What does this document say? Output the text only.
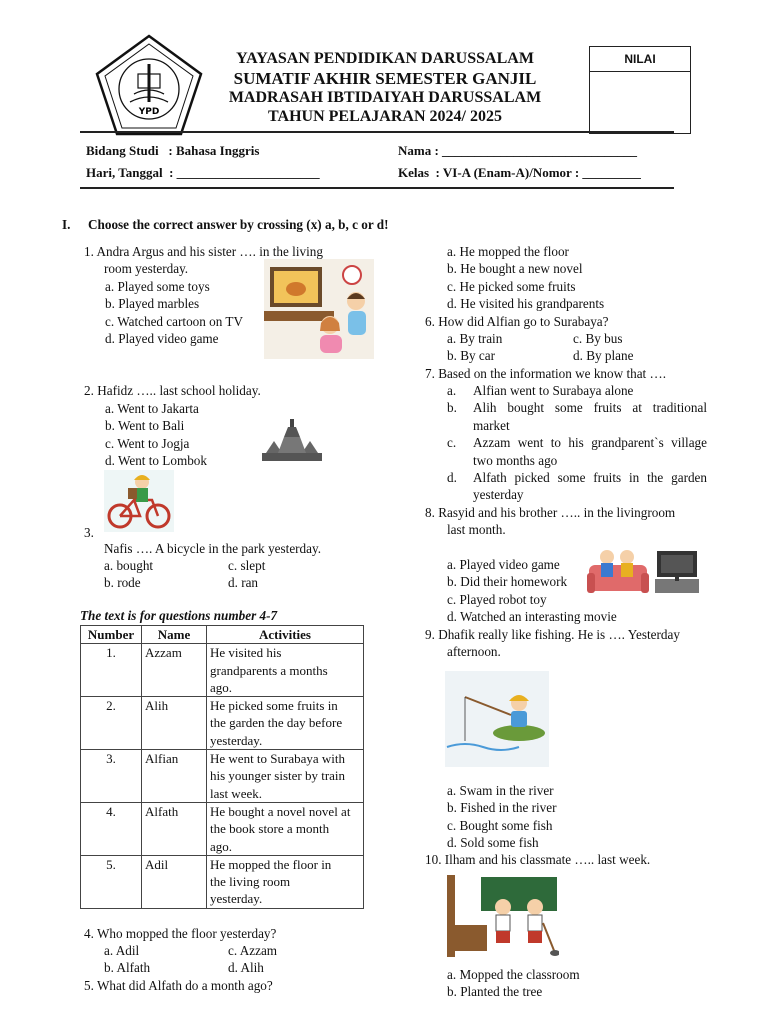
YPD
YAYASAN PENDIDIKAN DARUSSALAM
SUMATIF AKHIR SEMESTER GANJIL
MADRASAH IBTIDAIYAH DARUSSALAM
TAHUN PELAJARAN 2024/ 2025
NILAI
Bidang Studi   : Bahasa Inggris	Nama : ______________________________
Hari, Tanggal  : ______________________	Kelas  : VI-A (Enam-A)/Nomor : _________
I. Choose the correct answer by crossing (x) a, b, c or d!
1. Andra Argus and his sister …. in the living
room yesterday.
a. Played some toys
b. Played marbles
c. Watched cartoon on TV
d. Played video game
2. Hafidz ….. last school holiday.
a. Went to Jakarta
b. Went to Bali
c. Went to Jogja
d. Went to Lombok
3.
Nafis …. A bicycle in the park yesterday.
a. bought	c. slept
b. rode	d. ran
The text is for questions number 4-7
Number	Name	Activities
1.	Azzam	He visited his
grandparents a months
ago.

2.	Alih	He picked some fruits in
the garden the day before
yesterday.

3.	Alfian	He went to Surabaya with
his younger sister by train
last week.

4.	Alfath	He bought a novel novel at
the book store a month
ago.

5.	Adil	He mopped the floor in
the living room
yesterday.
4. Who mopped the floor yesterday?
a. Adil	c. Azzam
b. Alfath	d. Alih
5. What did Alfath do a month ago?
a. He mopped the floor
b. He bought a new novel
c. He picked some fruits
d. He visited his grandparents
6. How did Alfian go to Surabaya?
a. By train	c. By bus
b. By car	d. By plane
7. Based on the information we know that ….
a.	Alfian went to Surabaya alone
b.	Alih bought some fruits at traditional
market
c.	Azzam went to his grandparent`s village
two months ago
d.	Alfath picked some fruits in the garden
yesterday
8. Rasyid and his brother ….. in the livingroom
last month.
a. Played video game
b. Did their homework
c. Played robot toy
d. Watched an interasting movie
9. Dhafik really like fishing. He is …. Yesterday
afternoon.
a. Swam in the river
b. Fished in the river
c. Bought some fish
d. Sold some fish
10. Ilham and his classmate ….. last week.
a. Mopped the classroom
b. Planted the tree
